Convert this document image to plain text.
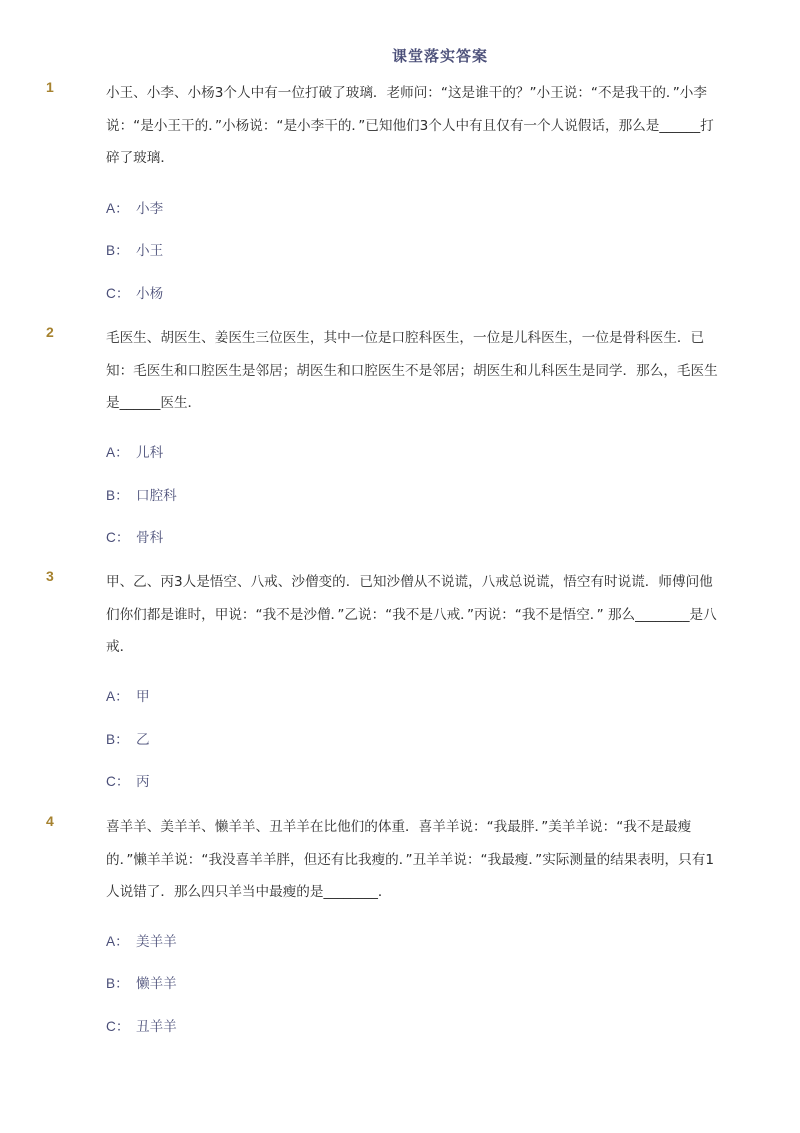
课堂落实答案
1	小王、小李、小杨3个人中有一位打破了玻璃．老师问：“这是谁干的？”小王说：“不是我干的．”小李说：“是小王干的．”小杨说：“是小李干的．”已知他们3个人中有且仅有一个人说假话，那么是______打碎了玻璃．
A： 小李
B： 小王
C： 小杨
2	毛医生、胡医生、姜医生三位医生，其中一位是口腔科医生，一位是儿科医生，一位是骨科医生．已知：毛医生和口腔医生是邻居；胡医生和口腔医生不是邻居；胡医生和儿科医生是同学．那么，毛医生是______医生．
A： 儿科
B： 口腔科
C： 骨科
3	甲、乙、丙3人是悟空、八戒、沙僧变的．已知沙僧从不说谎，八戒总说谎，悟空有时说谎．师傅问他们你们都是谁时，甲说：“我不是沙僧．”乙说：“我不是八戒．”丙说：“我不是悟空．” 那么________是八戒．
A： 甲
B： 乙
C： 丙
4	喜羊羊、美羊羊、懒羊羊、丑羊羊在比他们的体重．喜羊羊说：“我最胖．”美羊羊说：“我不是最瘦的．”懒羊羊说：“我没喜羊羊胖，但还有比我瘦的．”丑羊羊说：“我最瘦．”实际测量的结果表明，只有1人说错了．那么四只羊当中最瘦的是________．
A： 美羊羊
B： 懒羊羊
C： 丑羊羊
